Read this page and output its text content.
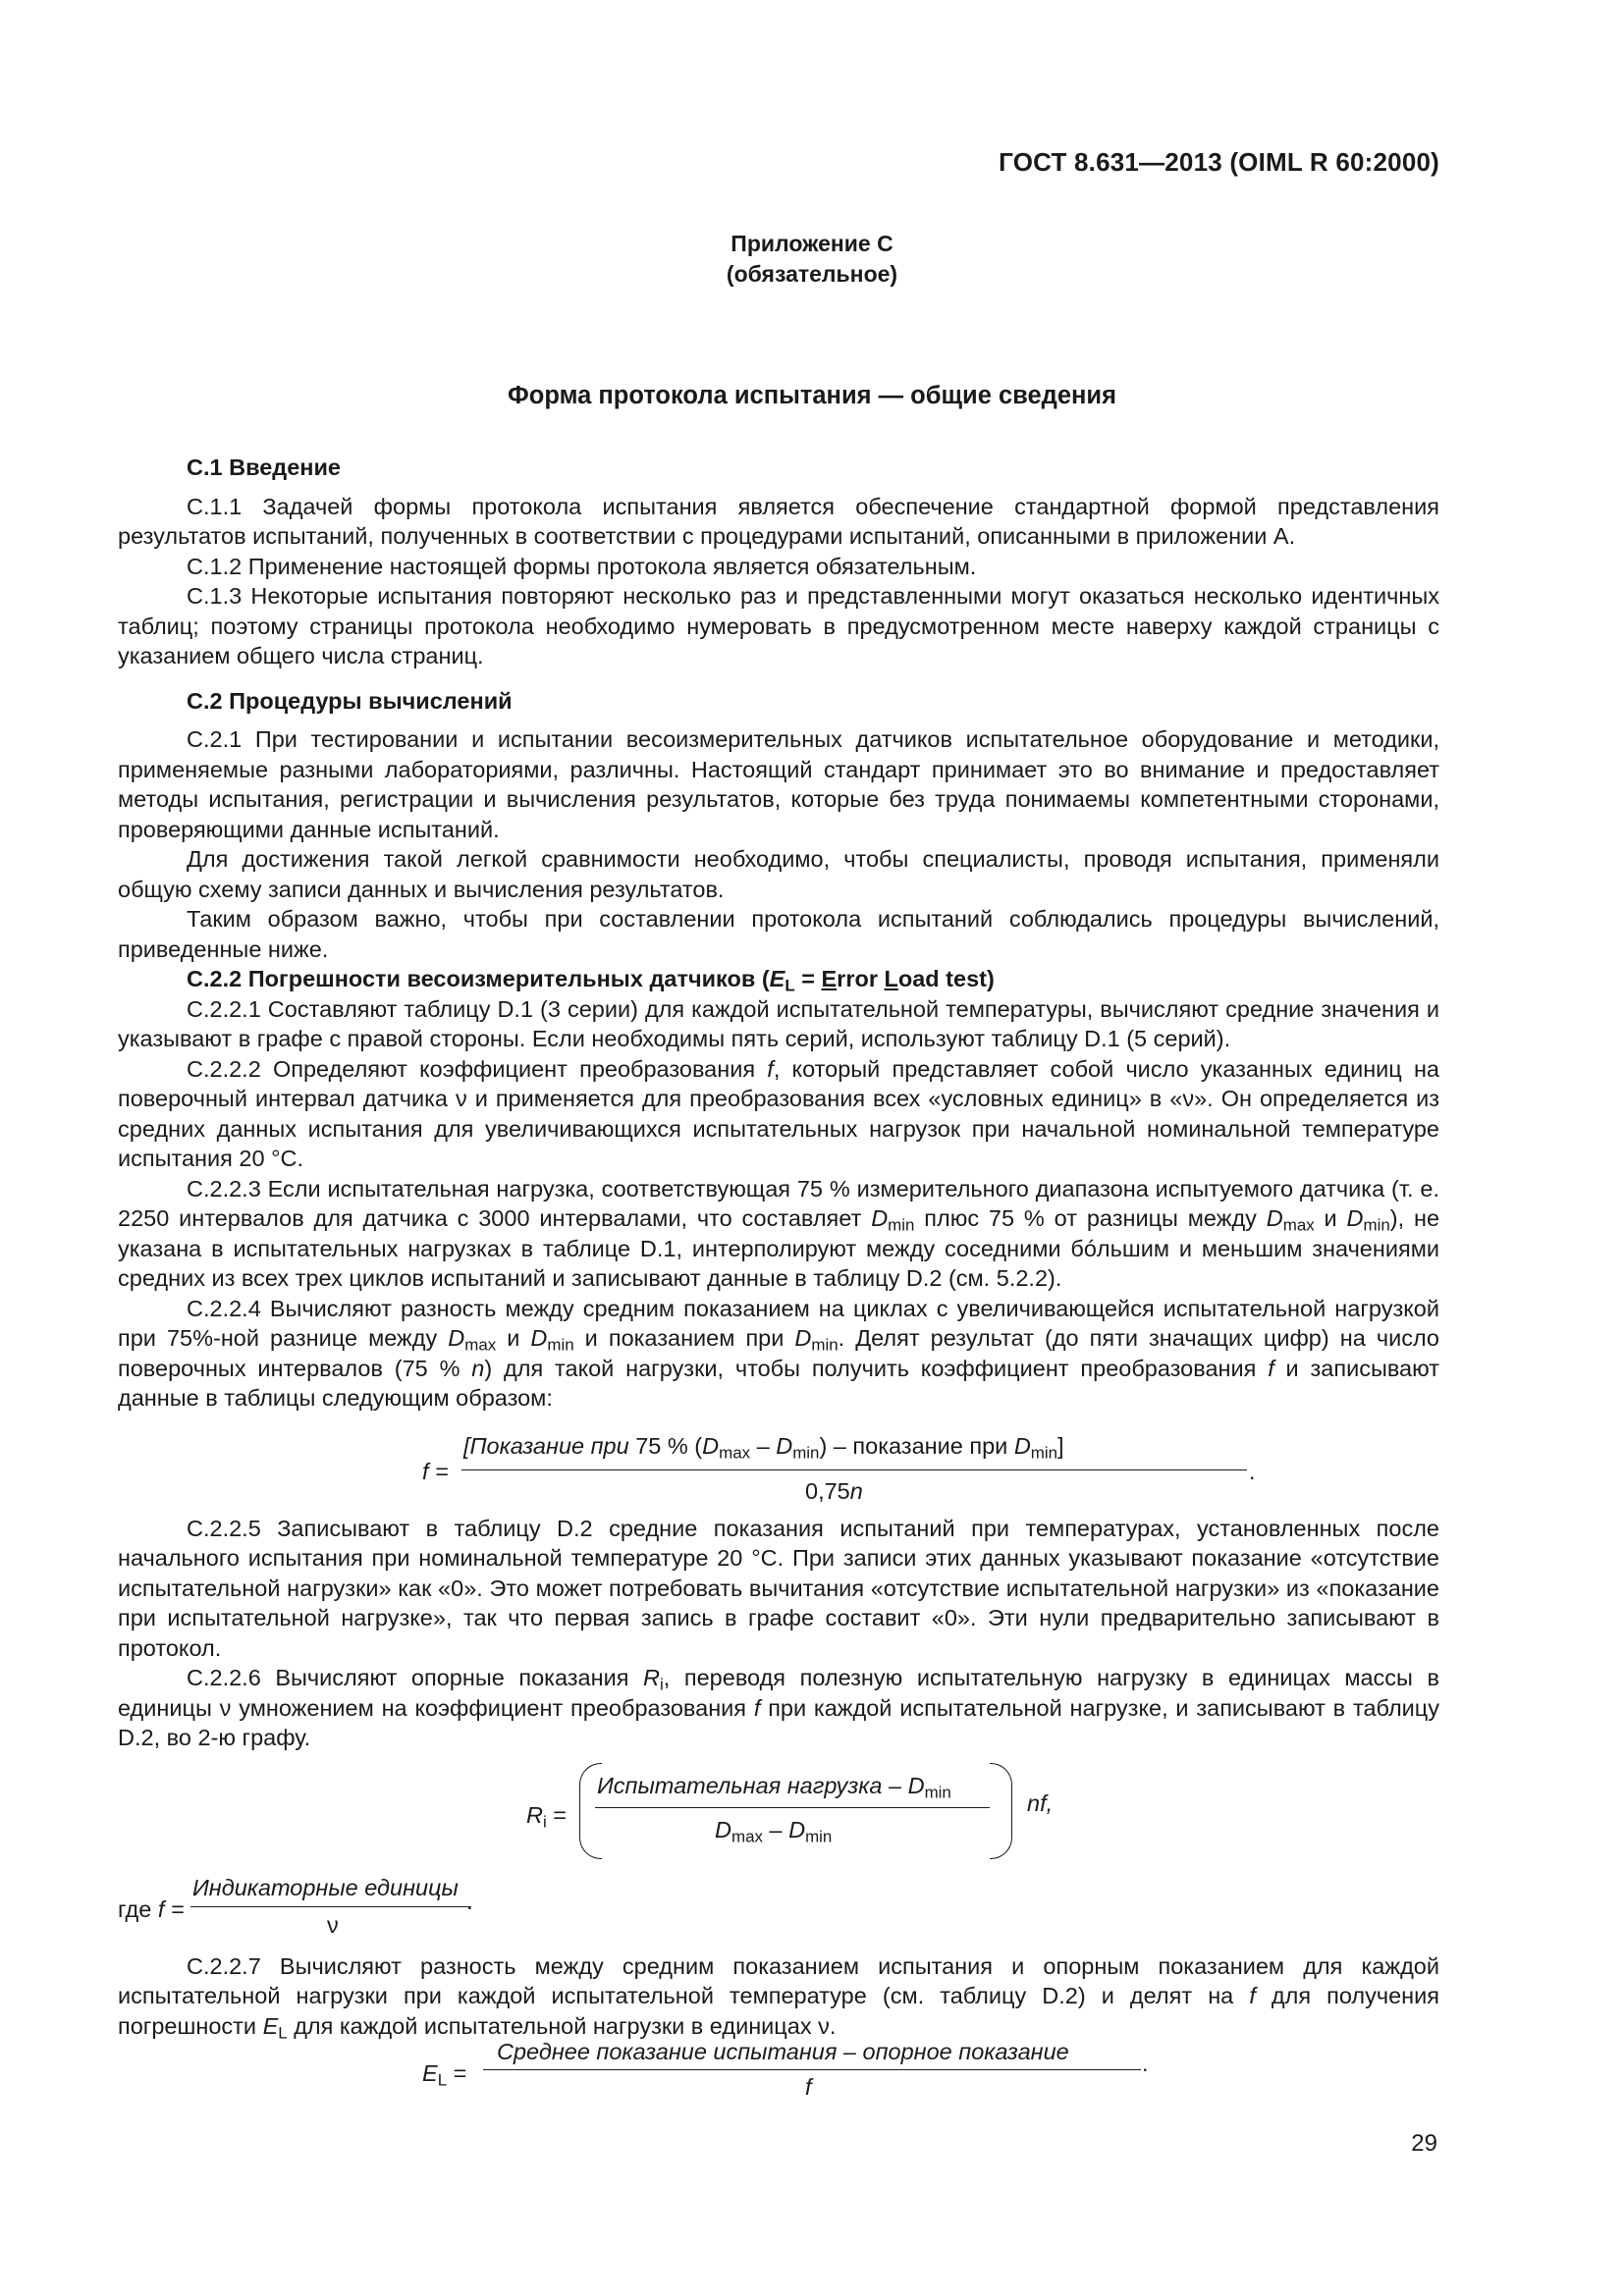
ГОСТ 8.631—2013 (OIML R 60:2000)
Приложение С
(обязательное)
Форма протокола испытания — общие сведения
С.1 Введение

С.1.1 Задачей формы протокола испытания является обеспечение стандартной формой представления результатов испытаний, полученных в соответствии с процедурами испытаний, описанными в приложении А.

С.1.2 Применение настоящей формы протокола является обязательным.

С.1.3 Некоторые испытания повторяют несколько раз и представленными могут оказаться несколько идентичных таблиц; поэтому страницы протокола необходимо нумеровать в предусмотренном месте наверху каждой страницы с указанием общего числа страниц.

С.2 Процедуры вычислений

С.2.1 При тестировании и испытании весоизмерительных датчиков испытательное оборудование и методики, применяемые разными лабораториями, различны. Настоящий стандарт принимает это во внимание и предоставляет методы испытания, регистрации и вычисления результатов, которые без труда понимаемы компетентными сторонами, проверяющими данные испытаний.

Для достижения такой легкой сравнимости необходимо, чтобы специалисты, проводя испытания, применяли общую схему записи данных и вычисления результатов.

Таким образом важно, чтобы при составлении протокола испытаний соблюдались процедуры вычислений, приведенные ниже.

С.2.2 Погрешности весоизмерительных датчиков ($E_L$ = Error Load test)

С.2.2.1 Составляют таблицу D.1 (3 серии) для каждой испытательной температуры, вычисляют средние значения и указывают в графе с правой стороны. Если необходимы пять серий, используют таблицу D.1 (5 серий).

С.2.2.2 Определяют коэффициент преобразования f, который представляет собой число указанных единиц на поверочный интервал датчика ν и применяется для преобразования всех «условных единиц» в «ν». Он определяется из средних данных испытания для увеличивающихся испытательных нагрузок при начальной номинальной температуре испытания 20 °С.

С.2.2.3 Если испытательная нагрузка, соответствующая 75 % измерительного диапазона испытуемого датчика (т. е. 2250 интервалов для датчика с 3000 интервалами, что составляет $D_{min}$ плюс 75 % от разницы между $D_{max}$ и $D_{min}$), не указана в испытательных нагрузках в таблице D.1, интерполируют между соседними бóльшим и меньшим значениями средних из всех трех циклов испытаний и записывают данные в таблицу D.2 (см. 5.2.2).

С.2.2.4 Вычисляют разность между средним показанием на циклах с увеличивающейся испытательной нагрузкой при 75%-ной разнице между $D_{max}$ и $D_{min}$ и показанием при $D_{min}$. Делят результат (до пяти значащих цифр) на число поверочных интервалов (75 % n) для такой нагрузки, чтобы получить коэффициент преобразования f и записывают данные в таблицы следующим образом:

f =
[Показание при 75 % $(D_{max} - D_{min})$ – показание при $D_{min}$]
0,75n
.

С.2.2.5 Записывают в таблицу D.2 средние показания испытаний при температурах, установленных после начального испытания при номинальной температуре 20 °С. При записи этих данных указывают показание «отсутствие испытательной нагрузки» как «0». Это может потребовать вычитания «отсутствие испытательной нагрузки» из «показание при испытательной нагрузке», так что первая запись в графе составит «0». Эти нули предварительно записывают в протокол.

С.2.2.6 Вычисляют опорные показания $R_i$, переводя полезную испытательную нагрузку в единицах массы в единицы ν умножением на коэффициент преобразования f при каждой испытательной нагрузке, и записывают в таблицу D.2, во 2-ю графу.

$R_i$ =
Испытательная нагрузка – $D_{min}$
$D_{max} - D_{min}$
nf,
где f =
Индикаторные единицы
ν
.

С.2.2.7 Вычисляют разность между средним показанием испытания и опорным показанием для каждой испытательной нагрузки при каждой испытательной температуре (см. таблицу D.2) и делят на f для получения погрешности $E_L$ для каждой испытательной нагрузки в единицах ν.

$E_L$ =
Среднее показание испытания – опорное показание
f
.
29
